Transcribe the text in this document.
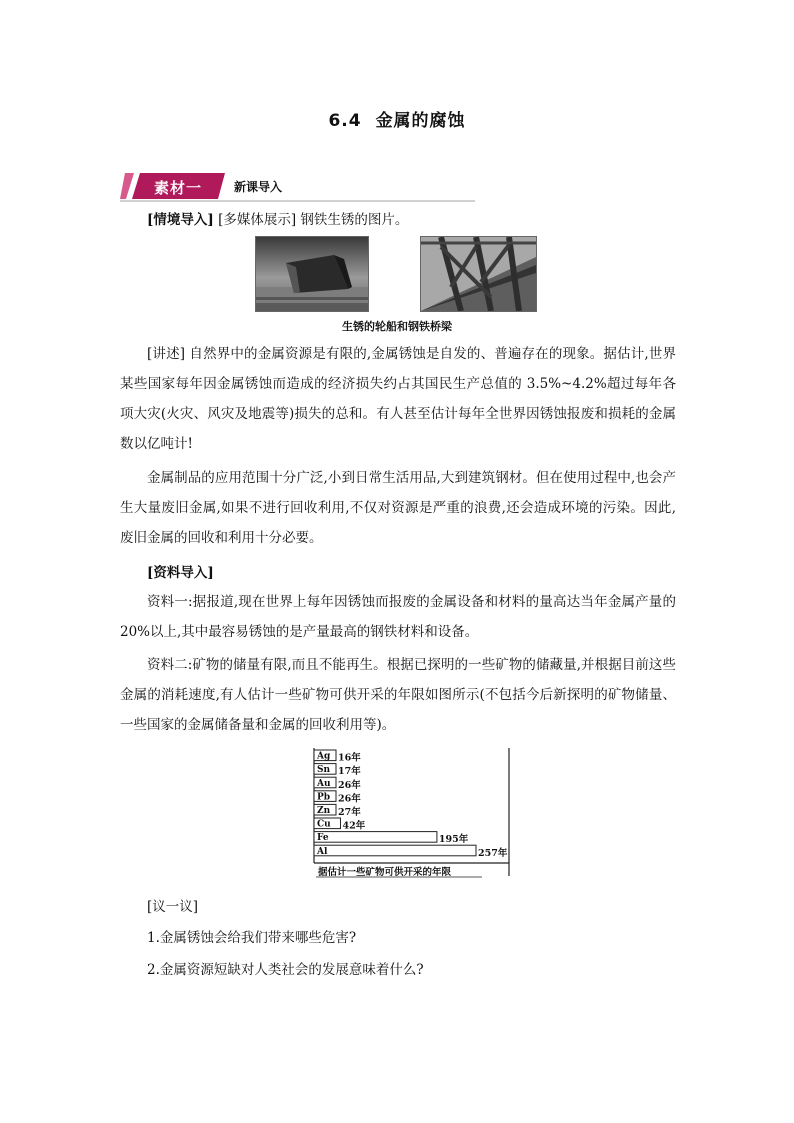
6.4 金属的腐蚀
素材一	新课导入
[情境导入] [多媒体展示] 钢铁生锈的图片。
生锈的轮船和钢铁桥梁
[讲述] 自然界中的金属资源是有限的,金属锈蚀是自发的、普遍存在的现象。据估计,世界某些国家每年因金属锈蚀而造成的经济损失约占其国民生产总值的 3.5%~4.2%超过每年各项大灾(火灾、风灾及地震等)损失的总和。有人甚至估计每年全世界因锈蚀报废和损耗的金属数以亿吨计!
金属制品的应用范围十分广泛,小到日常生活用品,大到建筑钢材。但在使用过程中,也会产生大量废旧金属,如果不进行回收利用,不仅对资源是严重的浪费,还会造成环境的污染。因此,废旧金属的回收和利用十分必要。
[资料导入]
资料一:据报道,现在世界上每年因锈蚀而报废的金属设备和材料的量高达当年金属产量的 20%以上,其中最容易锈蚀的是产量最高的钢铁材料和设备。
资料二:矿物的储量有限,而且不能再生。根据已探明的一些矿物的储藏量,并根据目前这些金属的消耗速度,有人估计一些矿物可供开采的年限如图所示(不包括今后新探明的矿物储量、一些国家的金属储备量和金属的回收利用等)。
Ag 16年
Sn 17年
Au 26年
Pb 26年
Zn 27年
Cu 42年
Fe	195年
Al	257年
据估计一些矿物可供开采的年限
[议一议]
1.金属锈蚀会给我们带来哪些危害?
2.金属资源短缺对人类社会的发展意味着什么?
